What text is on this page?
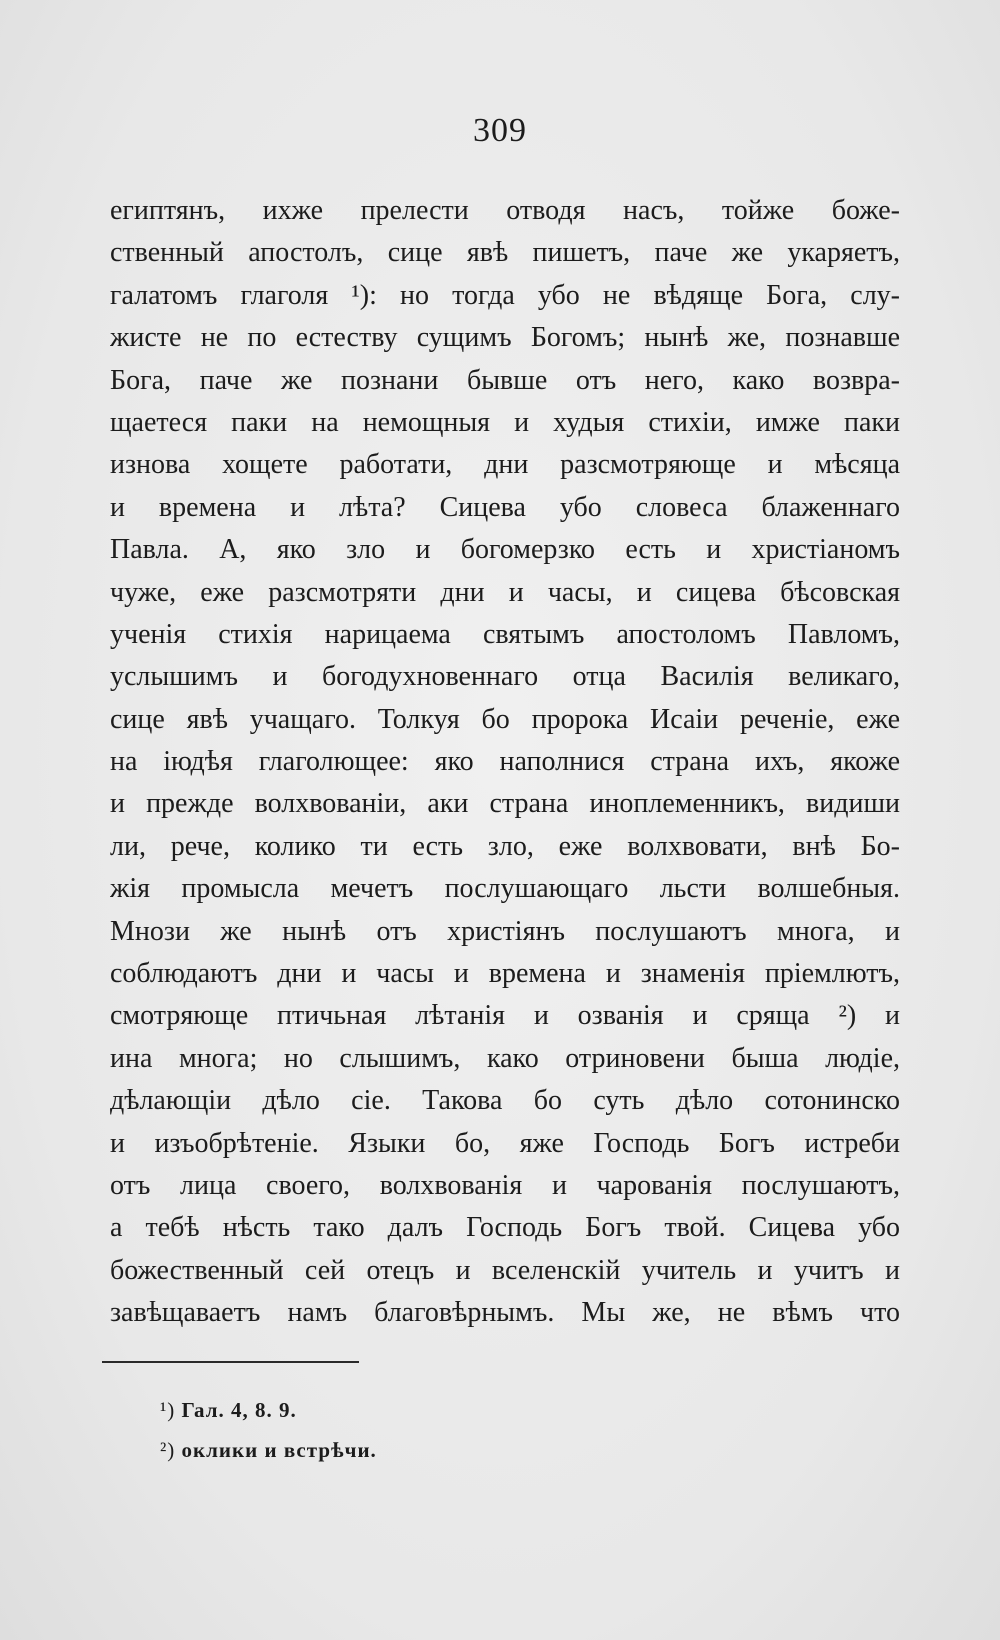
309
египтянъ, ихже прелести отводя насъ, тойже боже-
ственный апостолъ, сице явѣ пишетъ, паче же укаряетъ,
галатомъ глаголя ¹): но тогда убо не вѣдяще Бога, слу-
жисте не по естеству сущимъ Богомъ; нынѣ же, познавше
Бога, паче же познани бывше отъ него, како возвра-
щаетеся паки на немощныя и худыя стихіи, имже паки
изнова хощете работати, дни разсмотряюще и мѣсяца
и времена и лѣта? Сицева убо словеса блаженнаго
Павла. А, яко зло и богомерзко есть и христіаномъ
чуже, еже разсмотряти дни и часы, и сицева бѣсовская
ученія стихія нарицаема святымъ апостоломъ Павломъ,
услышимъ и богодухновеннаго отца Василія великаго,
сице явѣ учащаго. Толкуя бо пророка Исаіи реченіе, еже
на іюдѣя глаголющее: яко наполнися страна ихъ, якоже
и прежде волхвованіи, аки страна иноплеменникъ, видиши
ли, рече, колико ти есть зло, еже волхвовати, внѣ Бо-
жія промысла мечетъ послушающаго льсти волшебныя.
Мнози же нынѣ отъ христіянъ послушаютъ многа, и
соблюдаютъ дни и часы и времена и знаменія пріемлютъ,
смотряюще птичьная лѣтанія и озванія и сряща ²) и
ина многа; но слышимъ, како отриновени быша людіе,
дѣлающіи дѣло сіе. Такова бо суть дѣло сотонинско
и изъобрѣтеніе. Языки бо, яже Господь Богъ истреби
отъ лица своего, волхвованія и чарованія послушаютъ,
а тебѣ нѣсть тако далъ Господь Богъ твой. Сицева убо
божественный сей отецъ и вселенскій учитель и учитъ и
завѣщаваетъ намъ благовѣрнымъ. Мы же, не вѣмъ что
¹) Гал. 4, 8. 9.
²) оклики и встрѣчи.
